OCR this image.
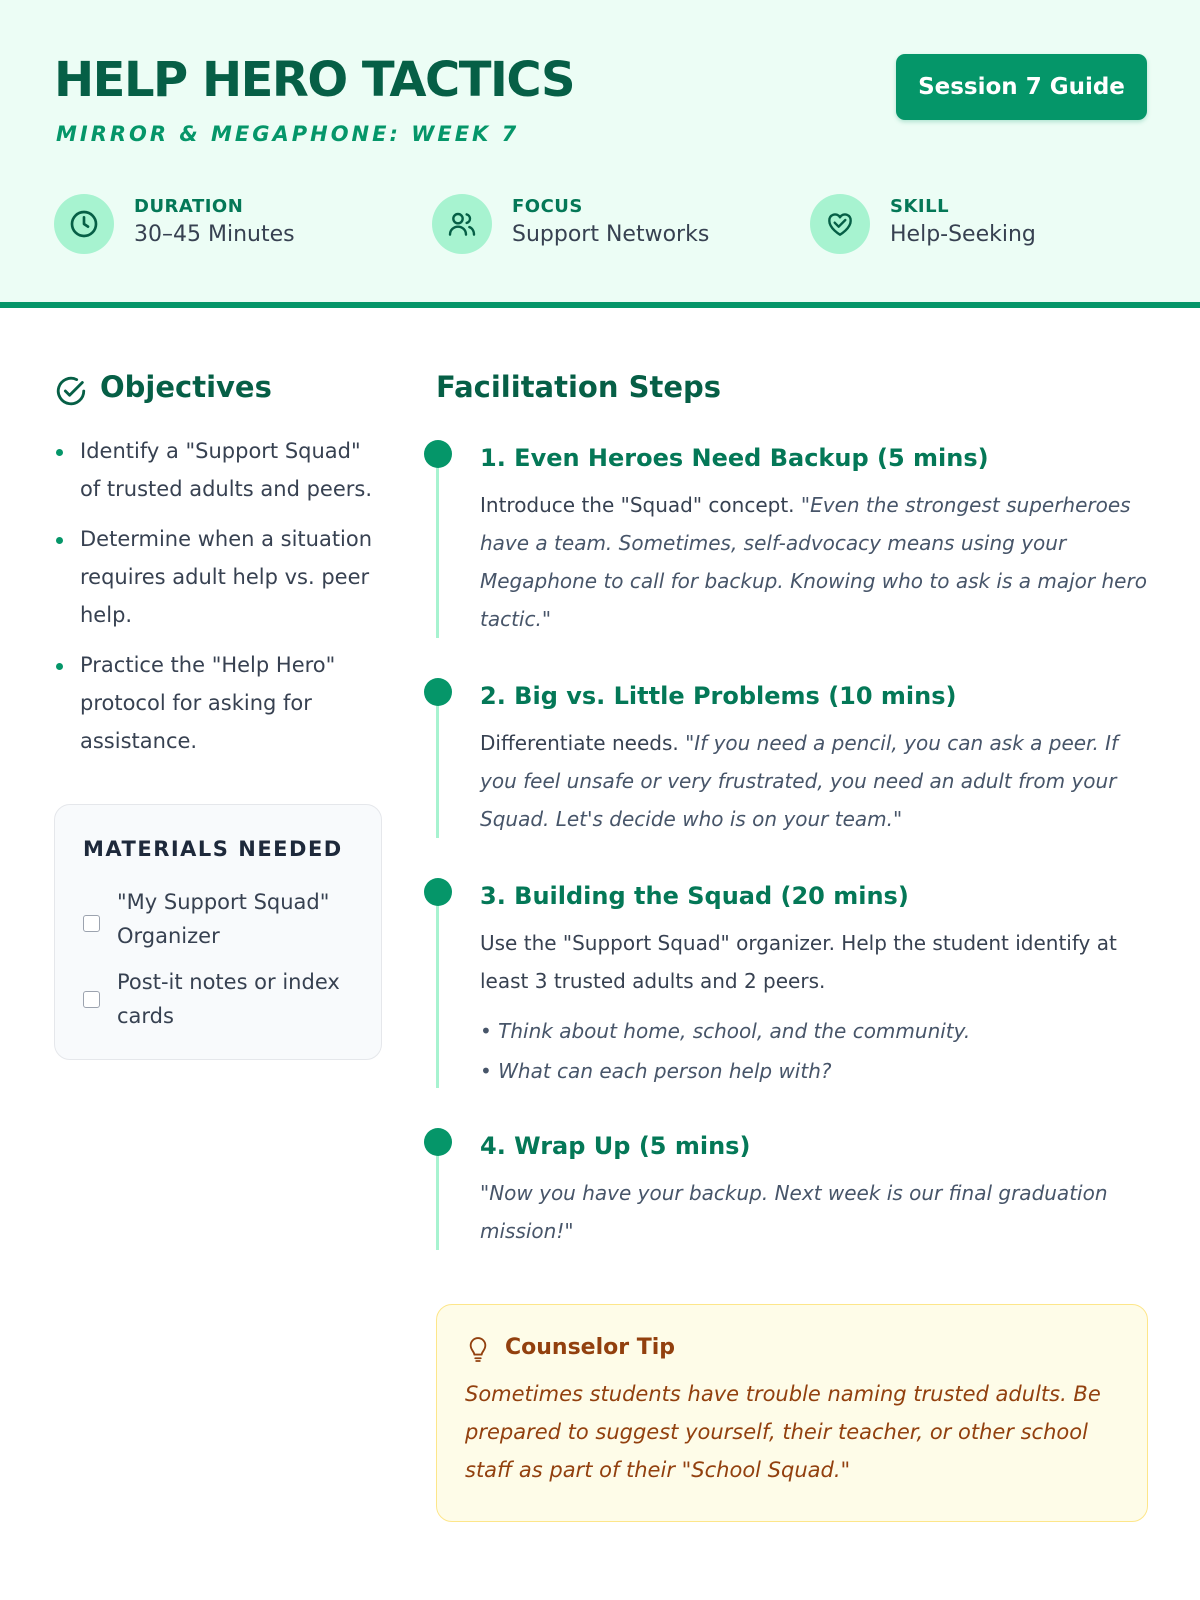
HELP HERO TACTICS
MIRROR & MEGAPHONE: WEEK 7
Session 7 Guide
DURATION
30–45 Minutes
FOCUS
Support Networks
SKILL
Help-Seeking
Objectives
Identify a "Support Squad" of trusted adults and peers.
Determine when a situation requires adult help vs. peer help.
Practice the "Help Hero" protocol for asking for assistance.
MATERIALS NEEDED
"My Support Squad" Organizer
Post-it notes or index cards
Facilitation Steps
1. Even Heroes Need Backup (5 mins)
Introduce the "Squad" concept. "Even the strongest superheroes have a team. Sometimes, self-advocacy means using your Megaphone to call for backup. Knowing who to ask is a major hero tactic."
2. Big vs. Little Problems (10 mins)
Differentiate needs. "If you need a pencil, you can ask a peer. If you feel unsafe or very frustrated, you need an adult from your Squad. Let's decide who is on your team."
3. Building the Squad (20 mins)
Use the "Support Squad" organizer. Help the student identify at least 3 trusted adults and 2 peers.
• Think about home, school, and the community.
• What can each person help with?
4. Wrap Up (5 mins)
"Now you have your backup. Next week is our final graduation mission!"
Counselor Tip
Sometimes students have trouble naming trusted adults. Be prepared to suggest yourself, their teacher, or other school staff as part of their "School Squad."
